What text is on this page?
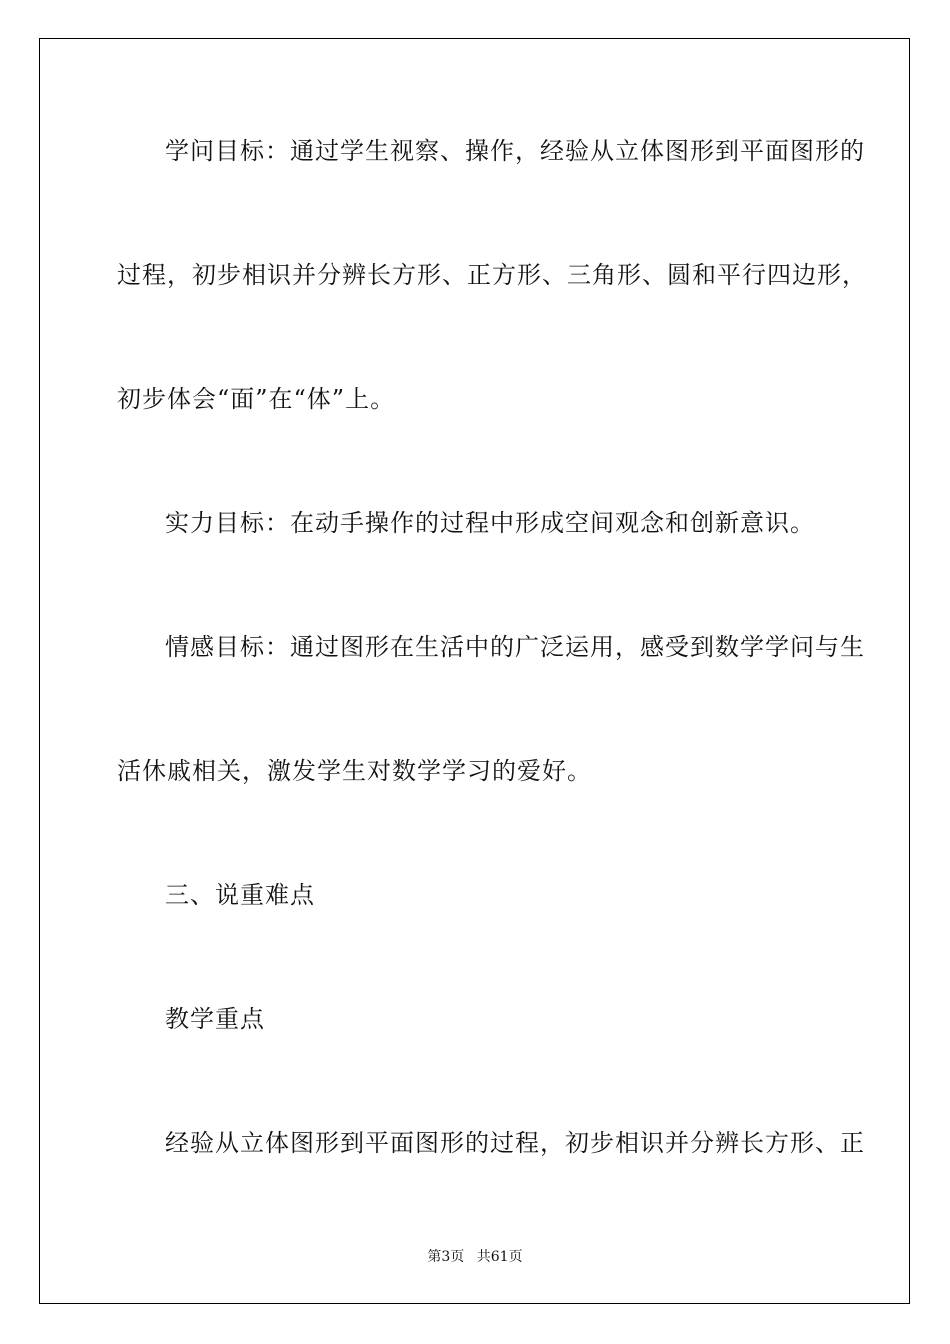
学问目标：通过学生视察、操作，经验从立体图形到平面图形的
过程，初步相识并分辨长方形、正方形、三角形、圆和平行四边形，
初步体会“面”在“体”上。
实力目标：在动手操作的过程中形成空间观念和创新意识。
情感目标：通过图形在生活中的广泛运用，感受到数学学问与生
活休戚相关，激发学生对数学学习的爱好。
三、说重难点
教学重点
经验从立体图形到平面图形的过程，初步相识并分辨长方形、正
第3页 共61页
